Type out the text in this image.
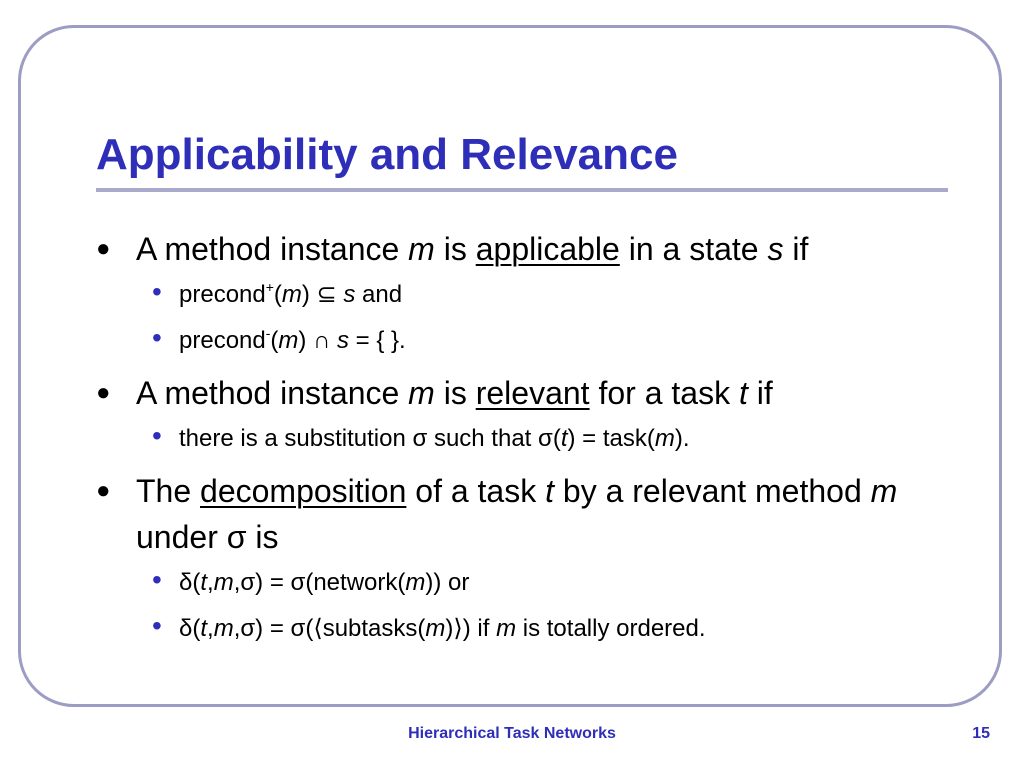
Applicability and Relevance
● A method instance m is applicable in a state s if
• precond+(m) ⊆ s and
• precond-(m) ∩ s = { }.
● A method instance m is relevant for a task t if
• there is a substitution σ such that σ(t) = task(m).
● The decomposition of a task t by a relevant method m under σ is
• δ(t,m,σ) = σ(network(m)) or
• δ(t,m,σ) = σ(⟨subtasks(m)⟩) if m is totally ordered.
Hierarchical Task Networks	15
